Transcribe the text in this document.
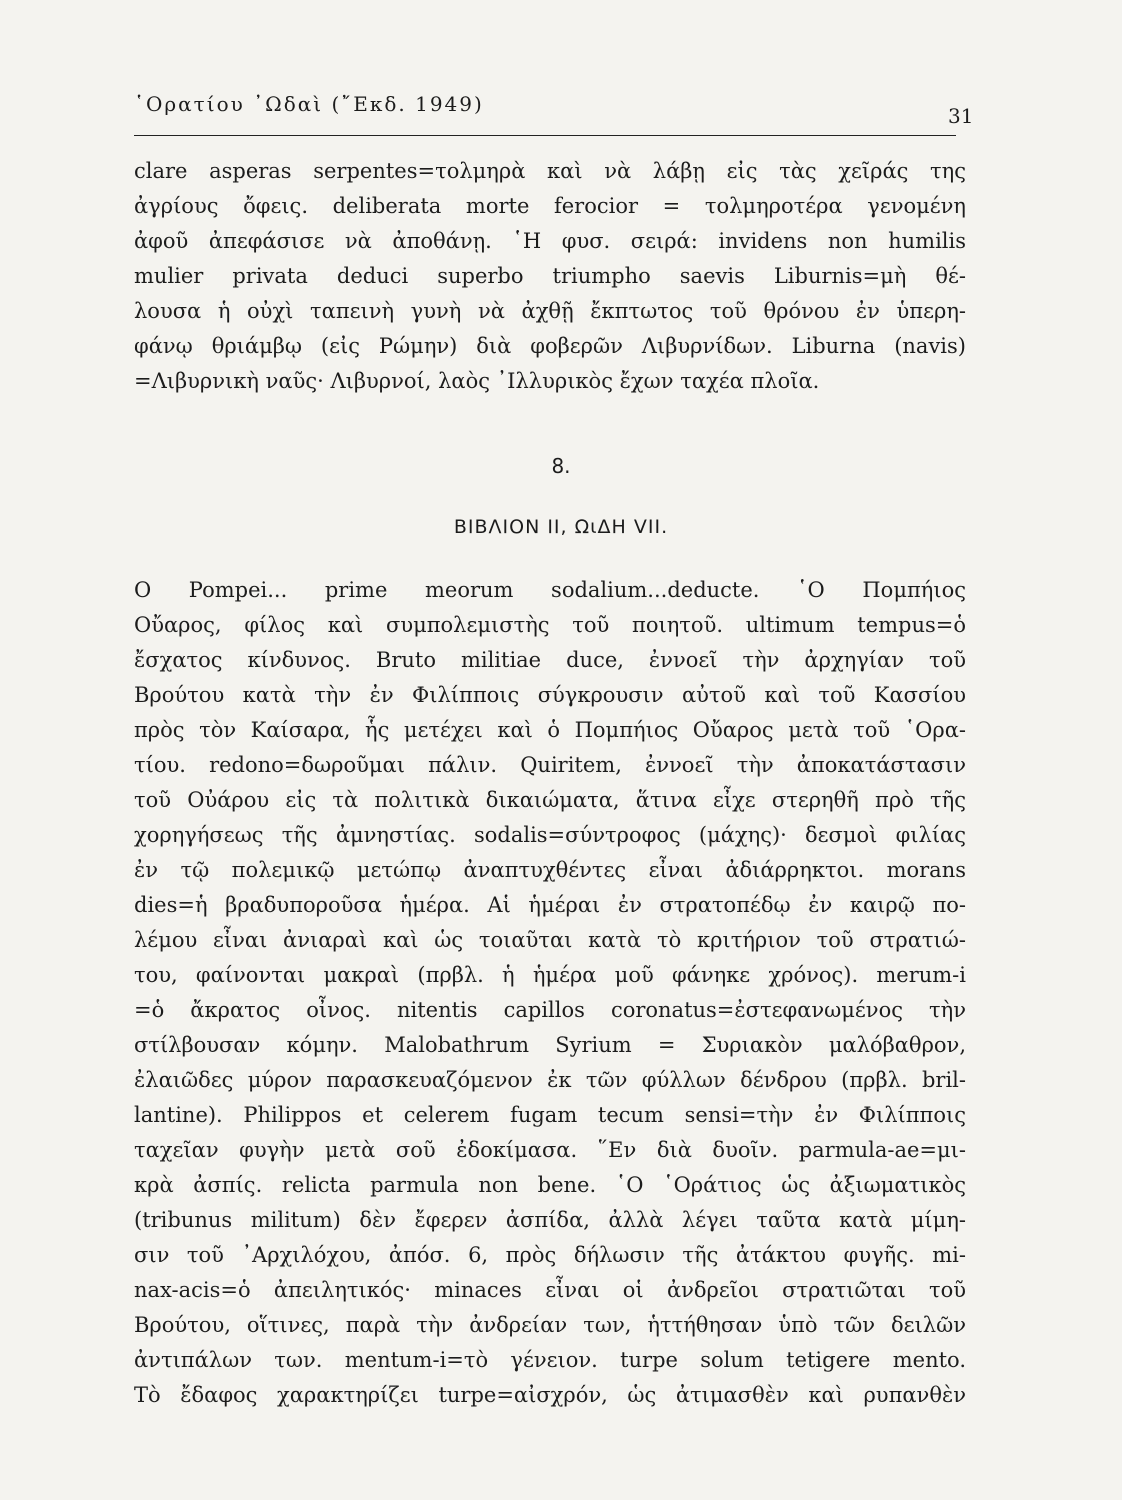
῾Ορατίου ᾿Ωδαὶ (῎Εκδ. 1949)	31
clare asperas serpentes=τολμηρὰ καὶ νὰ λάβῃ εἰς τὰς χεῖράς της
ἀγρίους ὄφεις. deliberata morte ferocior = τολμηροτέρα γενομένη
ἀφοῦ ἀπεφάσισε νὰ ἀποθάνῃ. ῾Η φυσ. σειρά: invidens non humilis
mulier privata deduci superbo triumpho saevis Liburnis=μὴ θέ-
λουσα ἡ οὐχὶ ταπεινὴ γυνὴ νὰ ἀχθῇ ἔκπτωτος τοῦ θρόνου ἐν ὑπερη-
φάνῳ θριάμβῳ (εἰς Ρώμην) διὰ φοβερῶν Λιβυρνίδων. Liburna (navis)
=Λιβυρνικὴ ναῦς· Λιβυρνοί, λαὸς ᾿Ιλλυρικὸς ἔχων ταχέα πλοῖα.
8.
ΒΙΒΛΙΟΝ ΙΙ, ΩιΔΗ VII.
O Pompei... prime meorum sodalium...deducte. ῾Ο Πομπήιος
Οὔαρος, φίλος καὶ συμπολεμιστὴς τοῦ ποιητοῦ. ultimum tempus=ὁ
ἔσχατος κίνδυνος. Bruto militiae duce, ἐννοεῖ τὴν ἀρχηγίαν τοῦ
Βρούτου κατὰ τὴν ἐν Φιλίπποις σύγκρουσιν αὐτοῦ καὶ τοῦ Κασσίου
πρὸς τὸν Καίσαρα, ἧς μετέχει καὶ ὁ Πομπήιος Οὔαρος μετὰ τοῦ ῾Ορα-
τίου. redono=δωροῦμαι πάλιν. Quiritem, ἐννοεῖ τὴν ἀποκατάστασιν
τοῦ Οὐάρου εἰς τὰ πολιτικὰ δικαιώματα, ἅτινα εἶχε στερηθῆ πρὸ τῆς
χορηγήσεως τῆς ἀμνηστίας. sodalis=σύντροφος (μάχης)· δεσμοὶ φιλίας
ἐν τῷ πολεμικῷ μετώπῳ ἀναπτυχθέντες εἶναι ἀδιάρρηκτοι. morans
dies=ἡ βραδυποροῦσα ἡμέρα. Αἱ ἡμέραι ἐν στρατοπέδῳ ἐν καιρῷ πο-
λέμου εἶναι ἀνιαραὶ καὶ ὡς τοιαῦται κατὰ τὸ κριτήριον τοῦ στρατιώ-
του, φαίνονται μακραὶ (πρβλ. ἡ ἡμέρα μοῦ φάνηκε χρόνος). merum-i
=ὁ ἄκρατος οἶνος. nitentis capillos coronatus=ἐστεφανωμένος τὴν
στίλβουσαν κόμην. Malobathrum Syrium = Συριακὸν μαλόβαθρον,
ἐλαιῶδες μύρον παρασκευαζόμενον ἐκ τῶν φύλλων δένδρου (πρβλ. bril-
lantine). Philippos et celerem fugam tecum sensi=τὴν ἐν Φιλίπποις
ταχεῖαν φυγὴν μετὰ σοῦ ἐδοκίμασα. ῞Εν διὰ δυοῖν. parmula-ae=μι-
κρὰ ἀσπίς. relicta parmula non bene. ῾Ο ῾Οράτιος ὡς ἀξιωματικὸς
(tribunus militum) δὲν ἔφερεν ἀσπίδα, ἀλλὰ λέγει ταῦτα κατὰ μίμη-
σιν τοῦ ᾿Αρχιλόχου, ἀπόσ. 6, πρὸς δήλωσιν τῆς ἀτάκτου φυγῆς. mi-
nax-acis=ὁ ἀπειλητικός· minaces εἶναι οἱ ἀνδρεῖοι στρατιῶται τοῦ
Βρούτου, οἵτινες, παρὰ τὴν ἀνδρείαν των, ἡττήθησαν ὑπὸ τῶν δειλῶν
ἀντιπάλων των. mentum-i=τὸ γένειον. turpe solum tetigere mento.
Τὸ ἔδαφος χαρακτηρίζει turpe=αἰσχρόν, ὡς ἀτιμασθὲν καὶ ρυπανθὲν
